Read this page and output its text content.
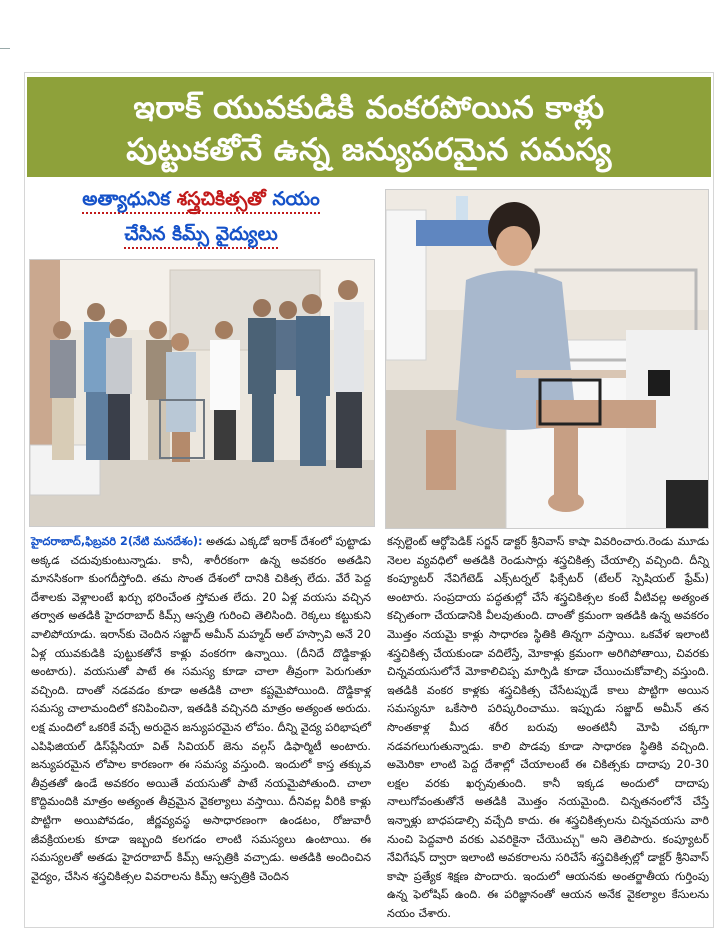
ఇరాక్ యువకుడికి వంకరపోయిన కాళ్లు
పుట్టుకతోనే ఉన్న జన్యుపరమైన సమస్య
అత్యాధునిక శస్త్రచికిత్సతో నయం
చేసిన కిమ్స్ వైద్యులు

హైదరాబాద్,ఫిబ్రవరి 2(నేటి మనదేశం): అతడు ఎక్కడో ఇరాక్ దేశంలో పుట్టాడు అక్కడ చదువుకుంటున్నాడు. కానీ, శారీరకంగా ఉన్న అవకరం అతడిని మానసికంగా కుంగదీస్తోంది. తమ సొంత దేశంలో దానికి చికిత్స లేదు. వేరే పెద్ద దేశాలకు వెళ్లాలంటే ఖర్చు భరించేంత స్తోమత లేదు. 20 ఏళ్ల వయసు వచ్చిన తర్వాత అతడికి హైదరాబాద్ కిమ్స్ ఆస్పత్రి గురించి తెలిసింది. రెక్కలు కట్టుకుని వాలిపోయాడు. ఇరాన్‌కు చెందిన సజ్జాద్ అమీన్ మహ్మద్ అల్ హస్సావి అనే 20 ఏళ్ల యువకుడికి పుట్టుకతోనే కాళ్లు వంకరగా ఉన్నాయి. (దీనిదే దొడ్డికాళ్లు అంటారు). వయసుతో పాటే ఈ సమస్య కూడా చాలా తీవ్రంగా పెరుగుతూ వచ్చింది. దాంతో నడవడం కూడా అతడికి చాలా కష్టమైపోయింది. దొడ్డికాళ్ల సమస్య చాలామందిలో కనిపించినా, ఇతడికి వచ్చినది మాత్రం అత్యంత అరుదు. లక్ష మందిలో ఒకరికే వచ్చే అరుదైన జన్యుపరమైన లోపం. దీన్ని వైద్య పరిభాషలో ఎపిఫిజియల్ డిస్‌ప్లేసియా విత్ సివియర్ జెను వల్గస్ డిఫార్మిటీ అంటారు. జన్యుపరమైన లోపాల కారణంగా ఈ సమస్య వస్తుంది. ఇందులో కాస్త తక్కువ తీవ్రతతో ఉండే అవకరం అయితే వయసుతో పాటే నయమైపోతుంది. చాలా కొద్దిమందికి మాత్రం అత్యంత తీవ్రమైన వైకల్యాలు వస్తాయి. దీనివల్ల వీరికి కాళ్లు పొట్టిగా అయిపోవడం, జీర్ణవ్యవస్థ అసాధారణంగా ఉండటం, రోజువారీ జీవక్రియలకు కూడా ఇబ్బంది కలగడం లాంటి సమస్యలు ఉంటాయి. ఈ సమస్యలతో అతడు హైదరాబాద్ కిమ్స్ ఆస్పత్రికి వచ్చాడు. అతడికి అందించిన వైద్యం, చేసిన శస్త్రచికిత్సల వివరాలను కిమ్స్ ఆస్పత్రికి చెందిన

కన్సల్టెంట్ ఆర్థోపెడిక్ సర్జన్ డాక్టర్ శ్రీనివాస్ కాషా వివరించారు.రెండు మూడు నెలల వ్యవధిలో అతడికి రెండుసార్లు శస్త్రచికిత్స చేయాల్సి వచ్చింది. దీన్ని కంప్యూటర్ నేవిగేటెడ్ ఎక్స్‌టర్నల్ ఫిక్సేటర్ (టేలర్ స్పెషియల్ ఫ్రేమ్) అంటారు. సంప్రదాయ పద్ధతుల్లో చేసే శస్త్రచికిత్సల కంటే వీటివల్ల అత్యంత కచ్చితంగా చేయడానికి వీలవుతుంది. దాంతో క్రమంగా ఇతడికి ఉన్న అవకరం మొత్తం నయమై కాళ్లు సాధారణ స్థితికి తిన్నగా వస్తాయి. ఒకవేళ ఇలాంటి శస్త్రచికిత్స చేయకుండా వదిలేస్తే, మోకాళ్లు క్రమంగా అరిగిపోతాయి, చివరకు చిన్నవయసులోనే మోకాలిచిప్ప మార్పిడి కూడా చేయించుకోవాల్సి వస్తుంది. ఇతడికి వంకర కాళ్లకు శస్త్రచికిత్స చేసేటప్పుడే కాలు పొట్టిగా అయిన సమస్యనూ ఒకేసారి పరిష్కరించాము. ఇప్పుడు సజ్జాద్ అమీన్ తన సొంతకాళ్ల మీద శరీర బరువు అంతటినీ మోపి చక్కగా నడవగలుగుతున్నాడు. కాలి పొడవు కూడా సాధారణ స్థితికి వచ్చింది. అమెరికా లాంటి పెద్ద దేశాల్లో చేయాలంటే ఈ చికిత్సకు దాదాపు 20-30 లక్షల వరకు ఖర్చవుతుంది. కానీ ఇక్కడ అందులో దాదాపు నాలుగోవంతుతోనే అతడికి మొత్తం నయమైంది. చిన్నతనంలోనే చేస్తే ఇన్నాళ్లు బాధపడాల్సి వచ్చేది కాదు. ఈ శస్త్రచికిత్సలను చిన్నవయసు వారి నుంచి పెద్దవారి వరకు ఎవరికైనా చేయొచ్చు" అని తెలిపారు. కంప్యూటర్ నేవిగేషన్ ద్వారా ఇలాంటి అవకరాలను సరిచేసే శస్త్రచికిత్సల్లో డాక్టర్ శ్రీనివాస్ కాషా ప్రత్యేక శిక్షణ పొందారు. ఇందులో ఆయనకు అంతర్జాతీయ గుర్తింపు ఉన్న ఫెలోషిప్ ఉంది. ఈ పరిజ్ఞానంతో ఆయన అనేక వైకల్యాల కేసులను నయం చేశారు.
